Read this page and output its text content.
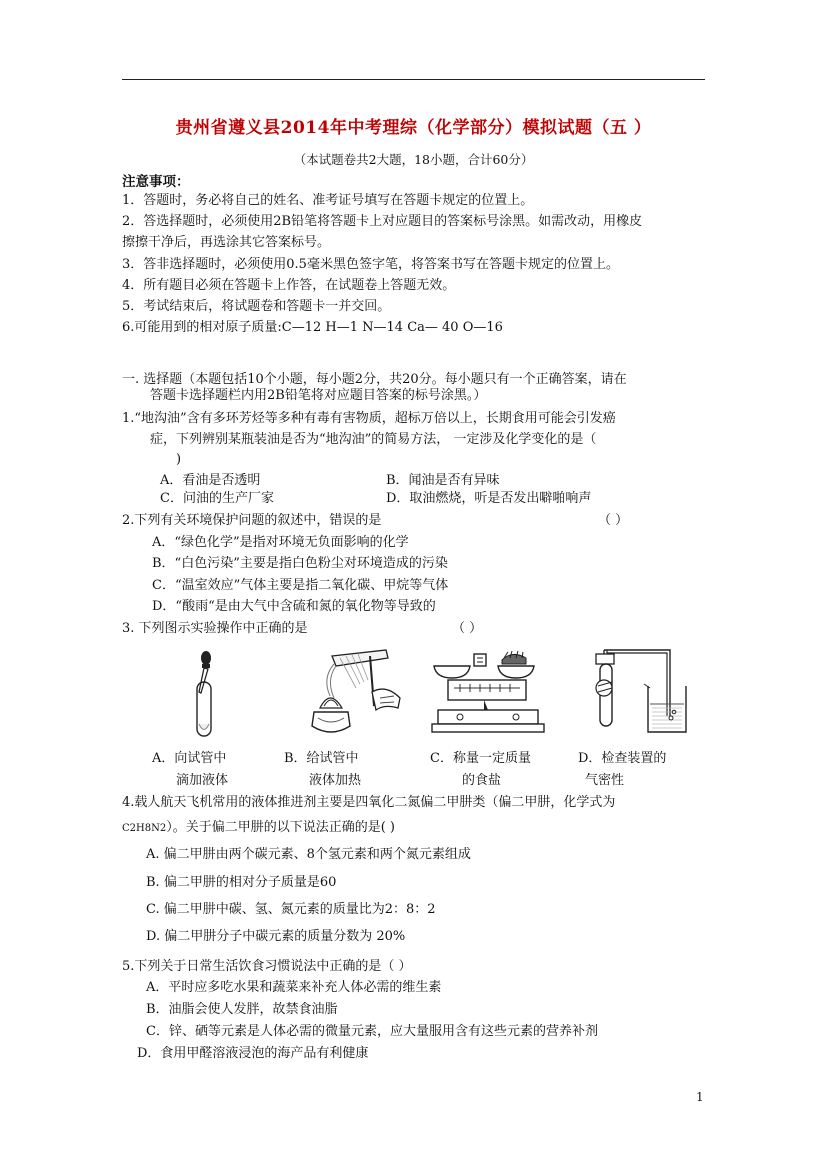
贵州省遵义县2014年中考理综（化学部分）模拟试题（五 ）
（本试题卷共2大题，18小题，合计60分）
注意事项：
1．答题时，务必将自己的姓名、准考证号填写在答题卡规定的位置上。
2．答选择题时，必须使用2B铅笔将答题卡上对应题目的答案标号涂黑。如需改动，用橡皮
擦擦干净后，再选涂其它答案标号。
3．答非选择题时，必须使用0.5毫米黑色签字笔，将答案书写在答题卡规定的位置上。
4．所有题目必须在答题卡上作答，在试题卷上答题无效。
5．考试结束后，将试题卷和答题卡一并交回。
6.可能用到的相对原子质量:C—12 H—1 N—14 Ca— 40 O—16
一. 选择题（本题包括10个小题，每小题2分，共20分。每小题只有一个正确答案，请在
答题卡选择题栏内用2B铅笔将对应题目答案的标号涂黑。）
1.“地沟油”含有多环芳烃等多种有毒有害物质，超标万倍以上，长期食用可能会引发癌
症，下列辨别某瓶装油是否为“地沟油”的简易方法， 一定涉及化学变化的是（
)
A．看油是否透明	B．闻油是否有异味
C．问油的生产厂家	D．取油燃烧，听是否发出噼啪响声
2.下列有关环境保护问题的叙述中，错误的是	（ ）
A．“绿色化学”是指对环境无负面影响的化学
B．“白色污染”主要是指白色粉尘对环境造成的污染
C．“温室效应”气体主要是指二氧化碳、甲烷等气体
D．“酸雨“是由大气中含硫和氮的氧化物等导致的
3. 下列图示实验操作中正确的是	（ ）
A．向试管中
滴加液体
B．给试管中
液体加热
C．称量一定质量
的食盐
D．检查装置的
气密性
4.载人航天飞机常用的液体推进剂主要是四氧化二氮偏二甲肼类（偏二甲肼，化学式为
C2H8N2）。关于偏二甲肼的以下说法正确的是( )
A. 偏二甲肼由两个碳元素、8个氢元素和两个氮元素组成
B. 偏二甲肼的相对分子质量是60
C. 偏二甲肼中碳、氢、氮元素的质量比为2：8：2
D. 偏二甲肼分子中碳元素的质量分数为 20%
5.下列关于日常生活饮食习惯说法中正确的是（ ）
A．平时应多吃水果和蔬菜来补充人体必需的维生素
B．油脂会使人发胖，故禁食油脂
C．锌、硒等元素是人体必需的微量元素，应大量服用含有这些元素的营养补剂
D．食用甲醛溶液浸泡的海产品有利健康
1
